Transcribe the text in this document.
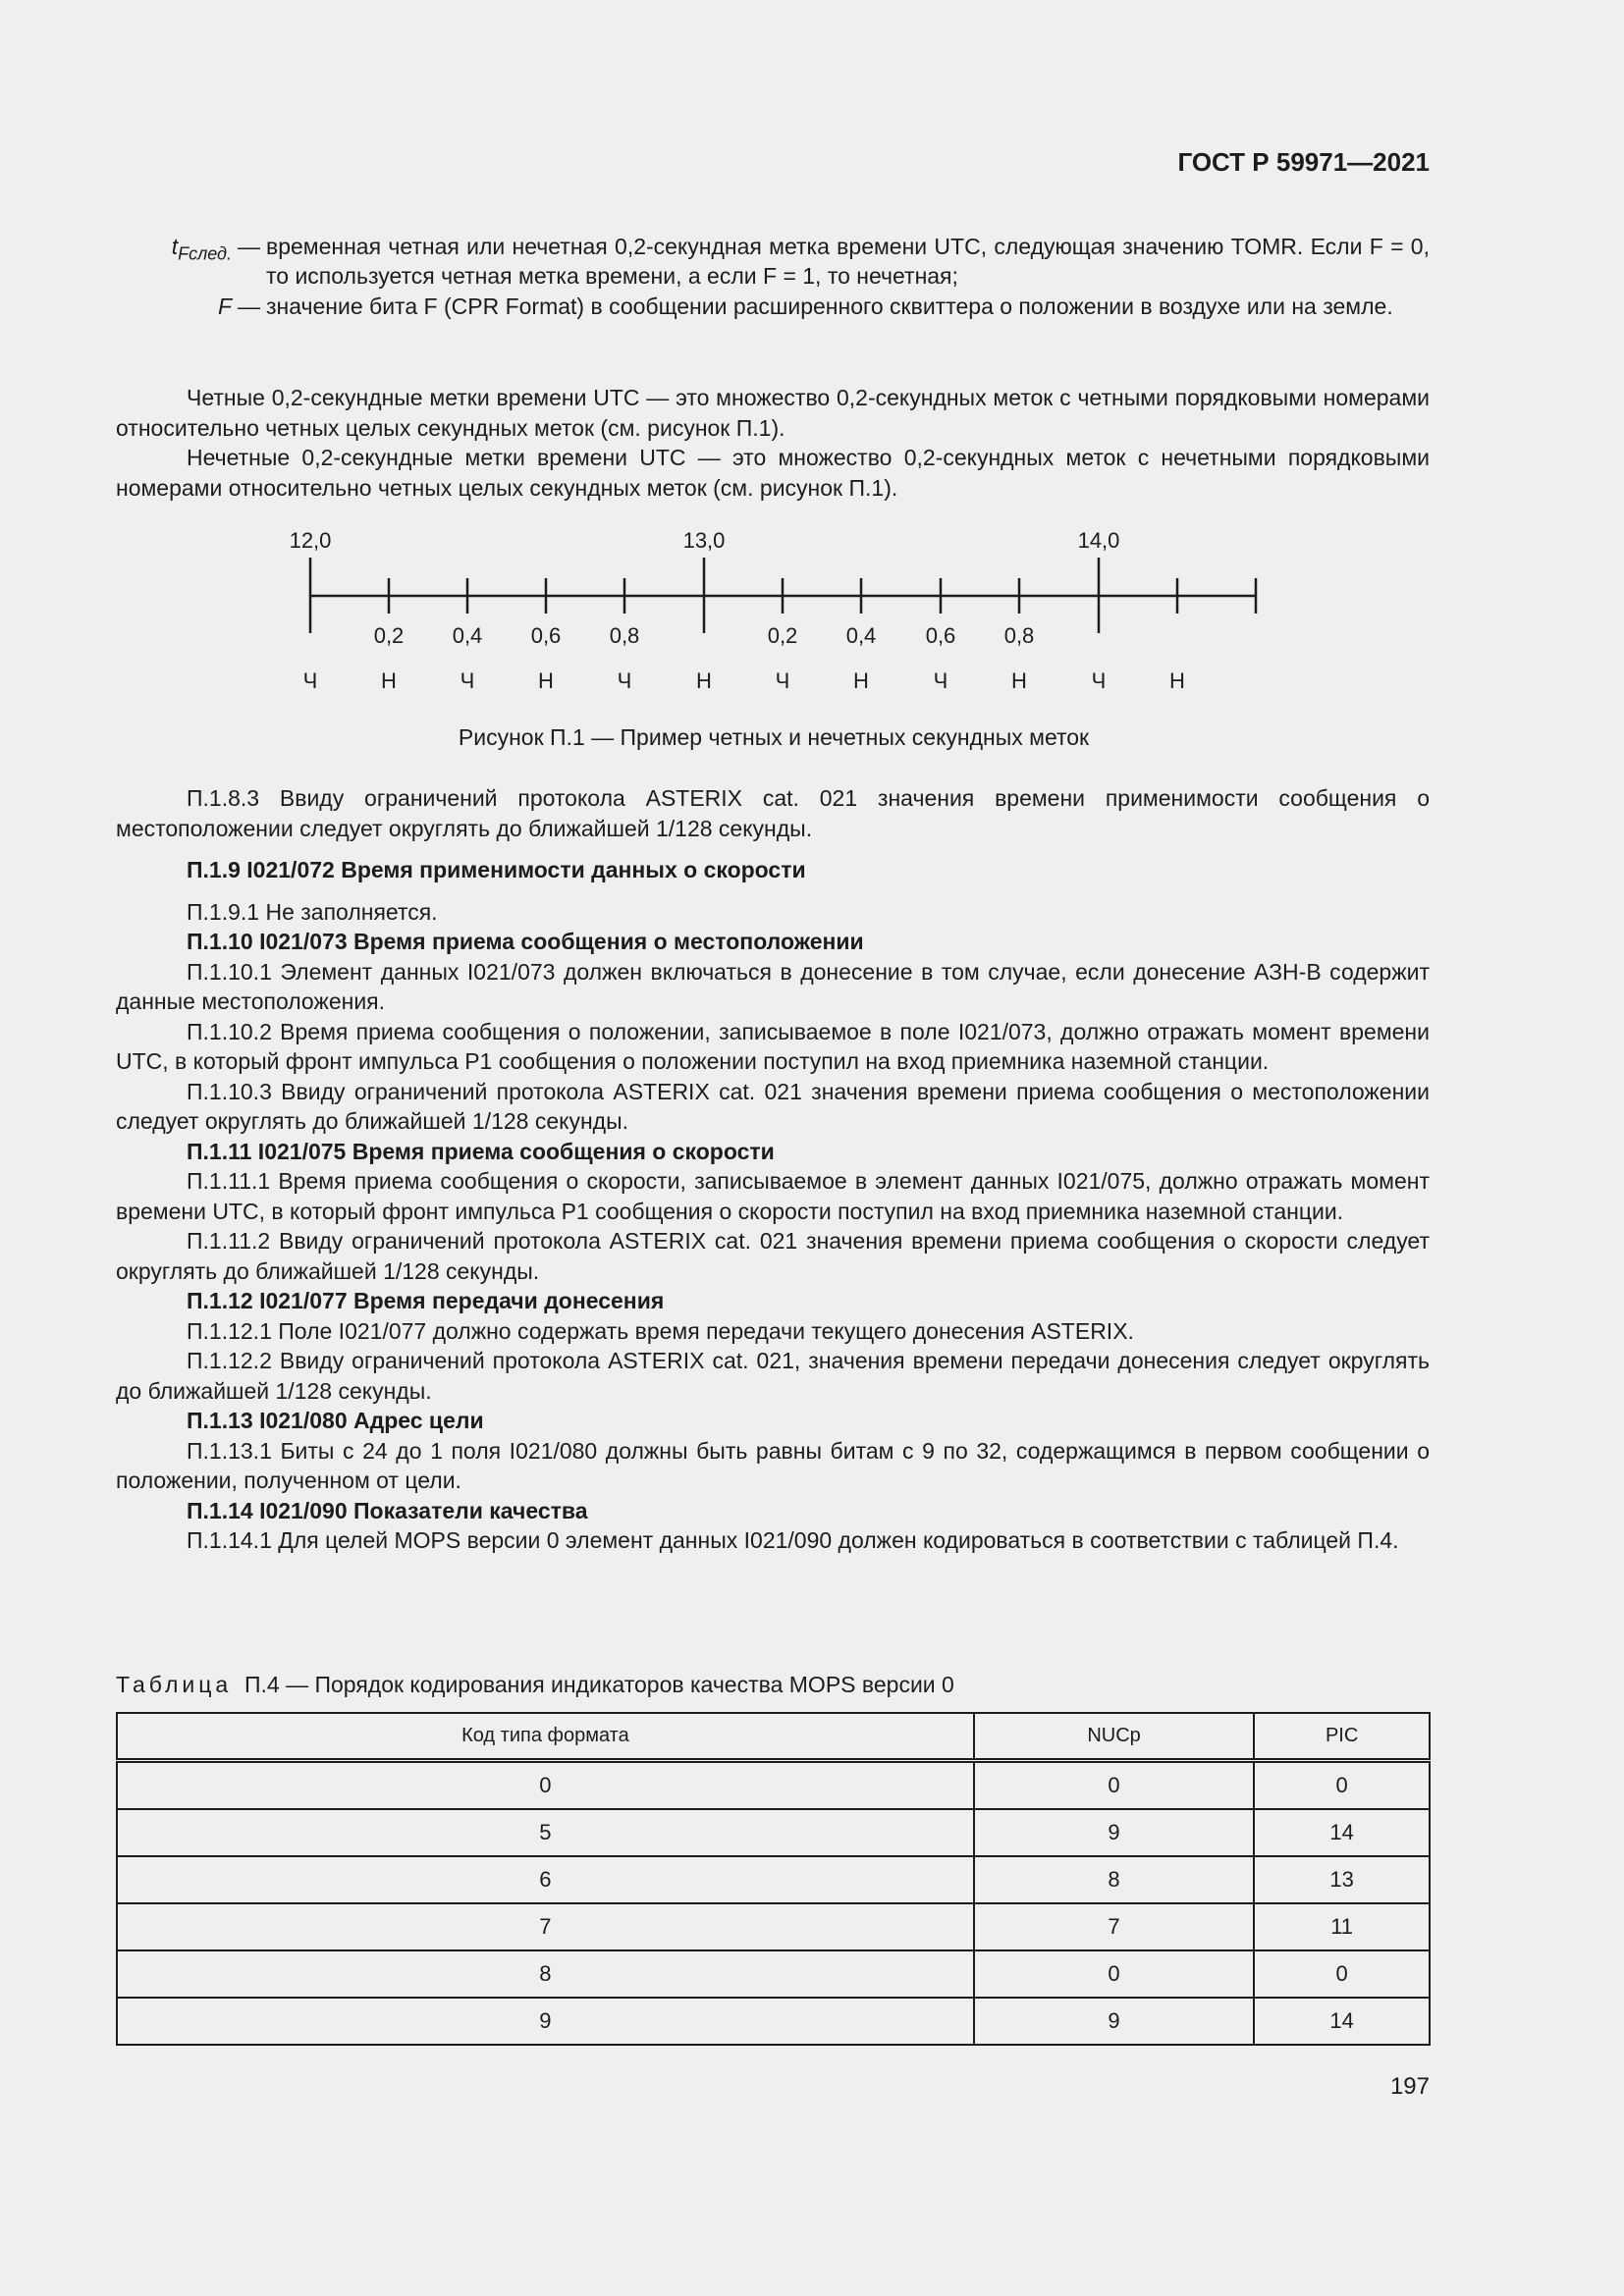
ГОСТ Р 59971—2021
$t_{Fслед.}$ — временная четная или нечетная 0,2-секундная метка времени UTC, следующая значению TOMR. Если F = 0, то используется четная метка времени, а если F = 1, то нечетная;
F — значение бита F (CPR Format) в сообщении расширенного сквиттера о положении в воздухе или на земле.

Четные 0,2-секундные метки времени UTC — это множество 0,2-секундных меток с четными порядковыми номерами относительно четных целых секундных меток (см. рисунок П.1).

Нечетные 0,2-секундные метки времени UTC — это множество 0,2-секундных меток с нечетными порядковыми номерами относительно четных целых секундных меток (см. рисунок П.1).

12,0	13,0	14,0
0,2 0,4 0,6 0,8	0,2 0,4 0,6 0,8
Ч	Н	Ч	Н	Ч	Н	Ч	Н	Ч	Н	Ч	Н
Рисунок П.1 — Пример четных и нечетных секундных меток

П.1.8.3 Ввиду ограничений протокола ASTERIX cat. 021 значения времени применимости сообщения о местоположении следует округлять до ближайшей 1/128 секунды.

П.1.9 I021/072 Время применимости данных о скорости

П.1.9.1 Не заполняется.

П.1.10 I021/073 Время приема сообщения о местоположении

П.1.10.1 Элемент данных I021/073 должен включаться в донесение в том случае, если донесение АЗН-В содержит данные местоположения.

П.1.10.2 Время приема сообщения о положении, записываемое в поле I021/073, должно отражать момент времени UTC, в который фронт импульса P1 сообщения о положении поступил на вход приемника наземной станции.

П.1.10.3 Ввиду ограничений протокола ASTERIX cat. 021 значения времени приема сообщения о местоположении следует округлять до ближайшей 1/128 секунды.

П.1.11 I021/075 Время приема сообщения о скорости

П.1.11.1 Время приема сообщения о скорости, записываемое в элемент данных I021/075, должно отражать момент времени UTC, в который фронт импульса P1 сообщения о скорости поступил на вход приемника наземной станции.

П.1.11.2 Ввиду ограничений протокола ASTERIX cat. 021 значения времени приема сообщения о скорости следует округлять до ближайшей 1/128 секунды.

П.1.12 I021/077 Время передачи донесения

П.1.12.1 Поле I021/077 должно содержать время передачи текущего донесения ASTERIX.

П.1.12.2 Ввиду ограничений протокола ASTERIX cat. 021, значения времени передачи донесения следует округлять до ближайшей 1/128 секунды.

П.1.13 I021/080 Адрес цели

П.1.13.1 Биты с 24 до 1 поля I021/080 должны быть равны битам с 9 по 32, содержащимся в первом сообщении о положении, полученном от цели.

П.1.14 I021/090 Показатели качества

П.1.14.1 Для целей MOPS версии 0 элемент данных I021/090 должен кодироваться в соответствии с таблицей П.4.

Таблица П.4 — Порядок кодирования индикаторов качества MOPS версии 0
Код типа формата	NUCp	PIC
0	0	0
5	9	14
6	8	13
7	7	11
8	0	0
9	9	14
197
